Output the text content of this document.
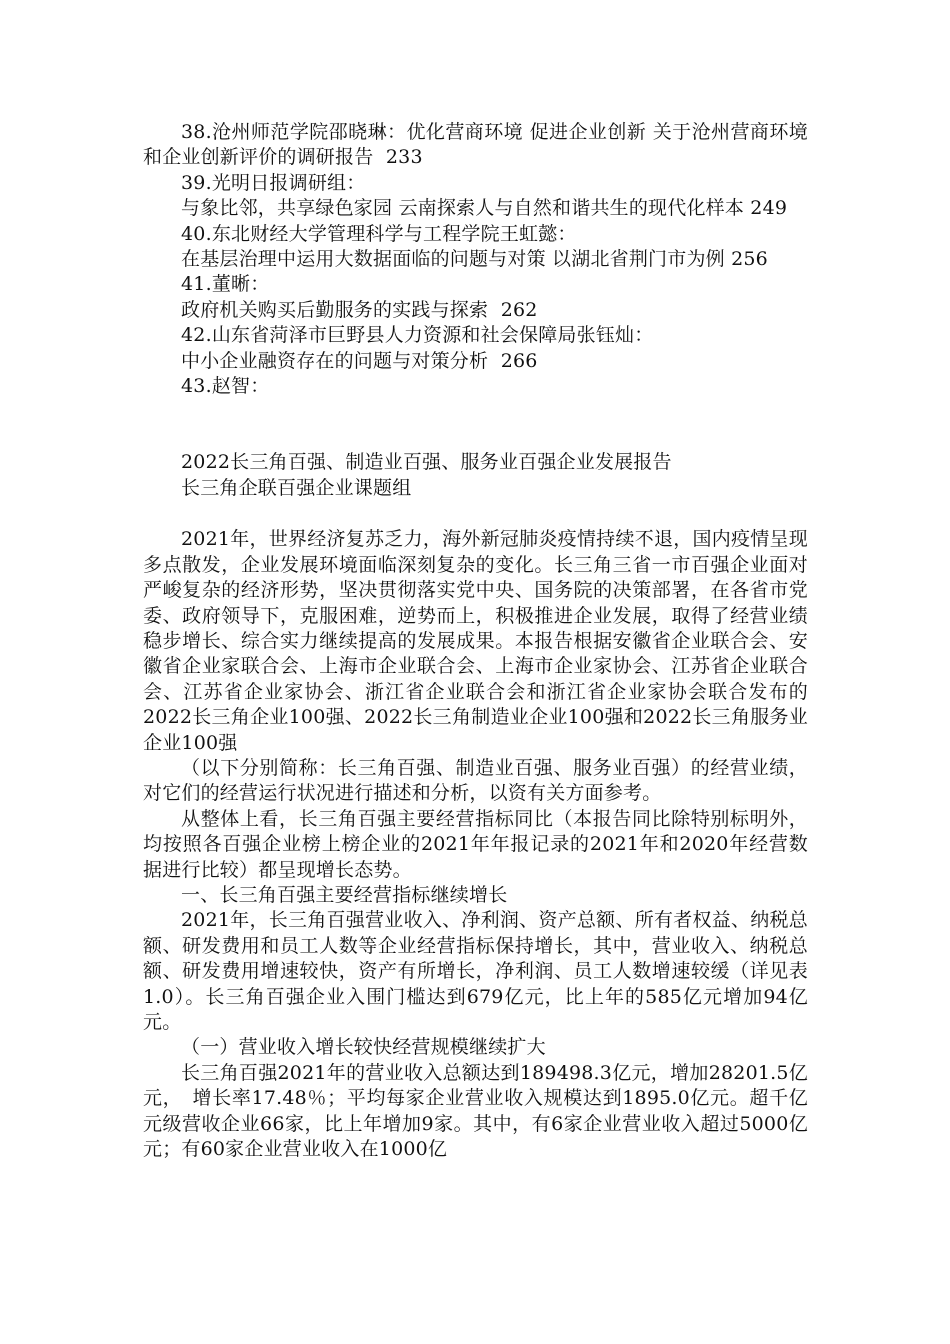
38.沧州师范学院邵晓琳：优化营商环境 促进企业创新 关于沧州营商环境和企业创新评价的调研报告 233

39.光明日报调研组：

与象比邻，共享绿色家园 云南探索人与自然和谐共生的现代化样本 249

40.东北财经大学管理科学与工程学院王虹懿：

在基层治理中运用大数据面临的问题与对策 以湖北省荆门市为例 256

41.董晰：

政府机关购买后勤服务的实践与探索 262

42.山东省菏泽市巨野县人力资源和社会保障局张钰灿：

中小企业融资存在的问题与对策分析 266

43.赵智：

2022长三角百强、制造业百强、服务业百强企业发展报告

长三角企联百强企业课题组

2021年，世界经济复苏乏力，海外新冠肺炎疫情持续不退，国内疫情呈现多点散发，企业发展环境面临深刻复杂的变化。长三角三省一市百强企业面对严峻复杂的经济形势，坚决贯彻落实党中央、国务院的决策部署，在各省市党委、政府领导下，克服困难，逆势而上，积极推进企业发展，取得了经营业绩稳步增长、综合实力继续提高的发展成果。本报告根据安徽省企业联合会、安徽省企业家联合会、上海市企业联合会、上海市企业家协会、江苏省企业联合会、江苏省企业家协会、浙江省企业联合会和浙江省企业家协会联合发布的2022长三角企业100强、2022长三角制造业企业100强和2022长三角服务业企业100强

（以下分别简称：长三角百强、制造业百强、服务业百强）的经营业绩，对它们的经营运行状况进行描述和分析，以资有关方面参考。

从整体上看，长三角百强主要经营指标同比（本报告同比除特别标明外，均按照各百强企业榜上榜企业的2021年年报记录的2021年和2020年经营数据进行比较）都呈现增长态势。

一、长三角百强主要经营指标继续增长

2021年，长三角百强营业收入、净利润、资产总额、所有者权益、纳税总额、研发费用和员工人数等企业经营指标保持增长，其中，营业收入、纳税总额、研发费用增速较快，资产有所增长，净利润、员工人数增速较缓（详见表1.0）。长三角百强企业入围门槛达到679亿元，比上年的585亿元增加94亿元。

（一）营业收入增长较快经营规模继续扩大

长三角百强2021年的营业收入总额达到189498.3亿元，增加28201.5亿元，　增长率17.48％；平均每家企业营业收入规模达到1895.0亿元。超千亿元级营收企业66家，比上年增加9家。其中，有6家企业营业收入超过5000亿元；有60家企业营业收入在1000亿
